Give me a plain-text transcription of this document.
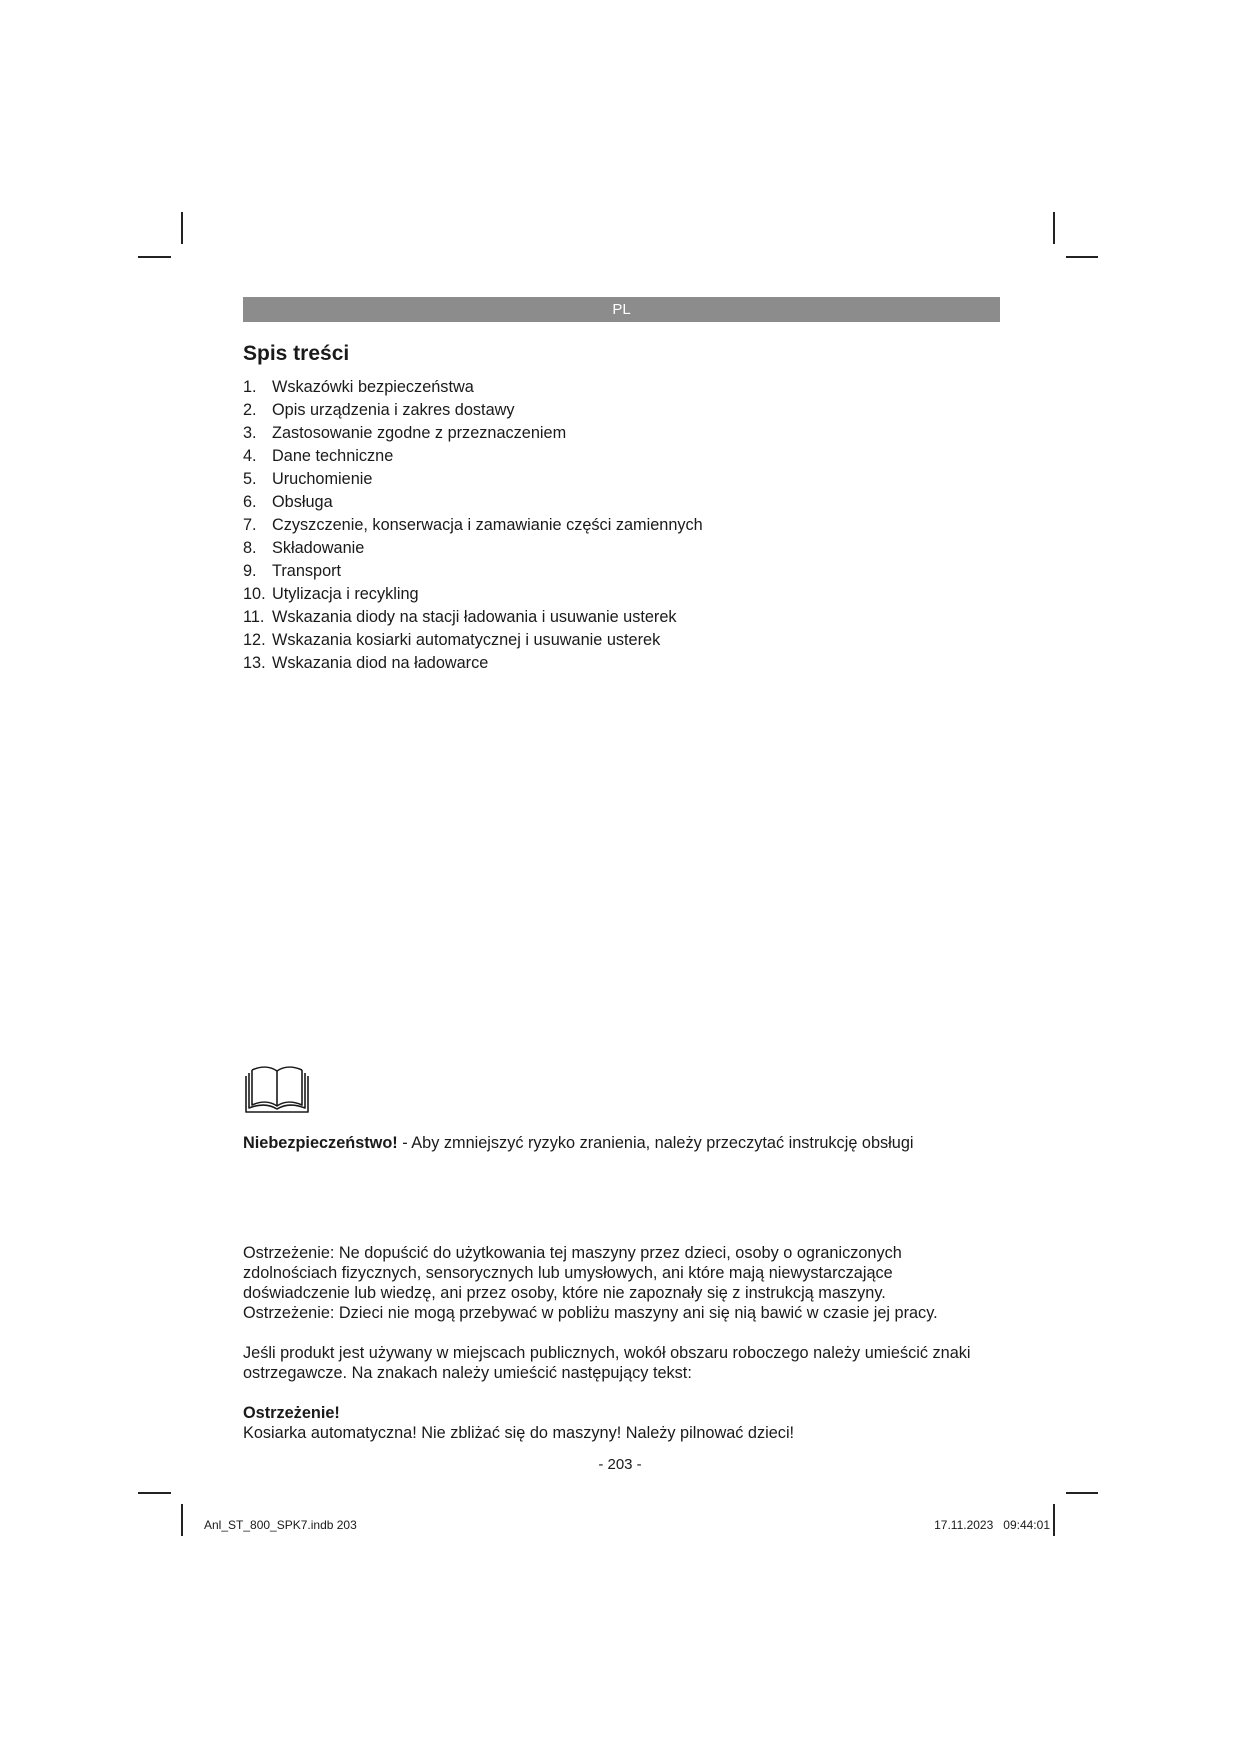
PL
Spis treści
1. Wskazówki bezpieczeństwa
2. Opis urządzenia i zakres dostawy
3. Zastosowanie zgodne z przeznaczeniem
4. Dane techniczne
5. Uruchomienie
6. Obsługa
7. Czyszczenie, konserwacja i zamawianie części zamiennych
8. Składowanie
9. Transport
10. Utylizacja i recykling
11. Wskazania diody na stacji ładowania i usuwanie usterek
12. Wskazania kosiarki automatycznej i usuwanie usterek
13. Wskazania diod na ładowarce

Niebezpieczeństwo! - Aby zmniejszyć ryzyko zranienia, należy przeczytać instrukcję obsługi

Ostrzeżenie: Ne dopuścić do użytkowania tej maszyny przez dzieci, osoby o ograniczonych
zdolnościach fizycznych, sensorycznych lub umysłowych, ani które mają niewystarczające
doświadczenie lub wiedzę, ani przez osoby, które nie zapoznały się z instrukcją maszyny.
Ostrzeżenie: Dzieci nie mogą przebywać w pobliżu maszyny ani się nią bawić w czasie jej pracy.

Jeśli produkt jest używany w miejscach publicznych, wokół obszaru roboczego należy umieścić znaki
ostrzegawcze. Na znakach należy umieścić następujący tekst:

Ostrzeżenie!
Kosiarka automatyczna! Nie zbliżać się do maszyny! Należy pilnować dzieci!

- 203 -
Anl_ST_800_SPK7.indb 203	17.11.2023   09:44:01
